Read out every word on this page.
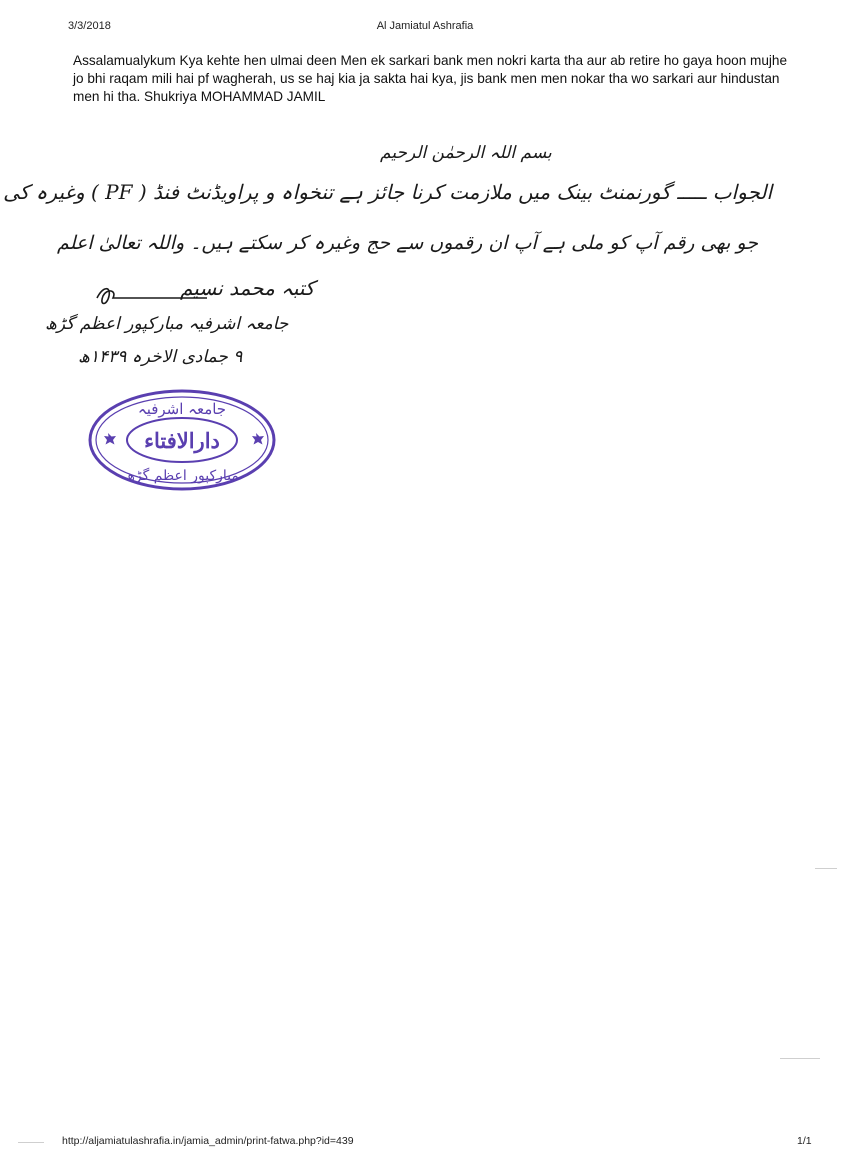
3/3/2018	Al Jamiatul Ashrafia
Assalamualykum Kya kehte hen ulmai deen Men ek sarkari bank men nokri karta tha aur ab retire ho gaya hoon mujhe jo bhi raqam mili hai pf wagherah, us se haj kia ja sakta hai kya, jis bank men men nokar tha wo sarkari aur hindustan men hi tha. Shukriya MOHAMMAD JAMIL
بسم اللہ الرحمٰن الرحیم
الجواب ـــــ گورنمنٹ بینک میں ملازمت کرنا جائز ہے تنخواہ و پراویڈنٹ فنڈ ( PF ) وغیرہ کی
جو بھی رقم آپ کو ملی ہے آپ ان رقموں سے حج وغیرہ کر سکتے ہیں۔ واللہ تعالیٰ اعلم
کتبہ محمد نسیم
جامعہ اشرفیہ مبارکپور اعظم گڑھ
۹ جمادی الاخرہ ۱۴۳۹ھ
جامعہ اشرفیہ
دارالافتاء
مبارکپور اعظم گڑھ
http://aljamiatulashrafia.in/jamia_admin/print-fatwa.php?id=439	1/1
